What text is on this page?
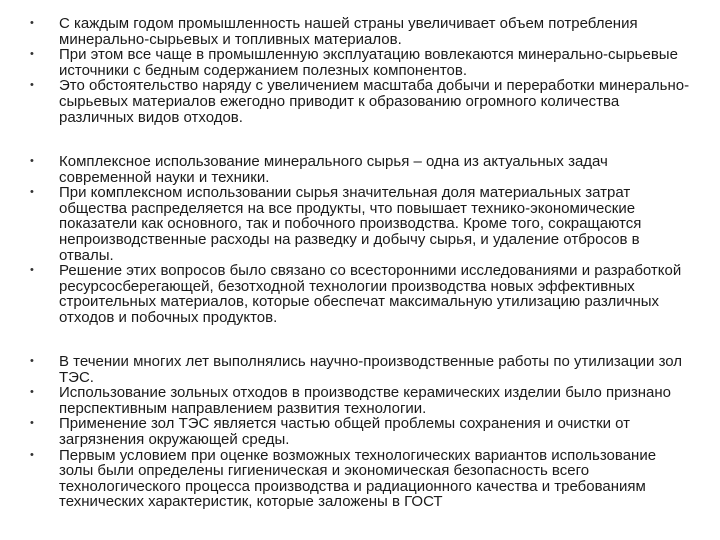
•
С каждым годом промышленность нашей страны увеличивает объем потребления минерально-сырьевых и топливных материалов.
•
При этом все чаще в промышленную эксплуатацию вовлекаются минерально-сырьевые источники с бедным содержанием полезных компонентов.
•
Это обстоятельство наряду с увеличением масштаба добычи и переработки минерально-сырьевых материалов ежегодно приводит к образованию огромного количества различных видов отходов.
•
Комплексное использование минерального сырья – одна из актуальных задач современной науки и техники.
•
При комплексном использовании сырья значительная доля материальных затрат общества распределяется на все продукты, что повышает технико-экономические показатели как основного, так и побочного производства. Кроме того, сокращаются непроизводственные расходы на разведку и добычу сырья, и удаление отбросов в отвалы.
•
Решение этих вопросов было связано со всесторонними исследованиями и разработкой ресурсосберегающей, безотходной технологии производства новых эффективных строительных материалов, которые обеспечат максимальную утилизацию различных отходов и побочных продуктов.
•
В течении многих лет выполнялись научно-производственные работы по утилизации зол ТЭС.
•
Использование зольных отходов в производстве керамических изделии было признано перспективным направлением развития технологии.
•
Применение зол ТЭС является частью общей проблемы сохранения и очистки от загрязнения окружающей среды.
•
Первым условием при оценке возможных технологических вариантов использование золы были определены гигиеническая и экономическая безопасность всего технологического процесса производства и радиационного качества и требованиям технических характеристик, которые заложены в ГОСТ
